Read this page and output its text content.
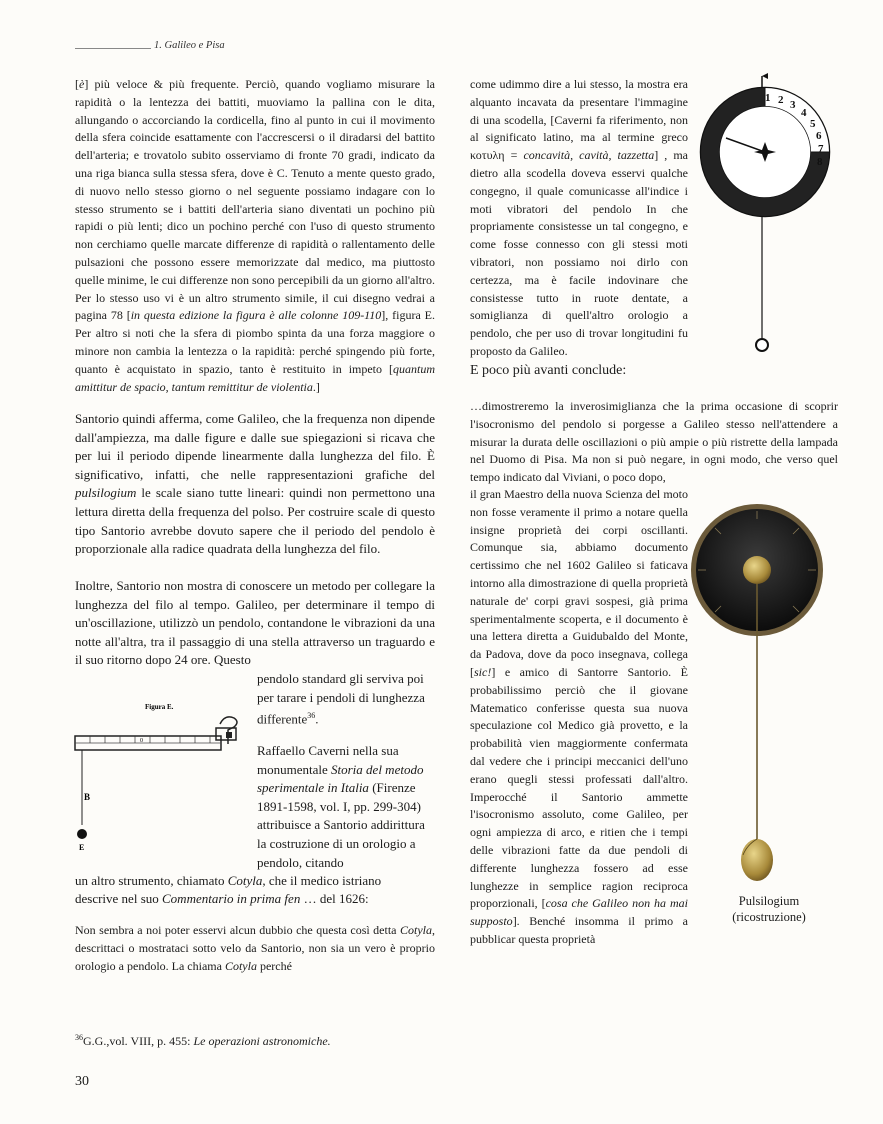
1. Galileo e Pisa

[è] più veloce & più frequente. Perciò, quando vogliamo misurare la rapidità o la lentezza dei battiti, muoviamo la pallina con le dita, allungando o accorciando la cordicella, fino al punto in cui il movimento della sfera coincide esattamente con l'accrescersi o il diradarsi del battito dell'arteria; e trovatolo subito osserviamo di fronte 70 gradi, indicato da una riga bianca sulla stessa sfera, dove è C. Tenuto a mente questo grado, di nuovo nello stesso giorno o nel seguente possiamo indagare con lo stesso strumento se i battiti dell'arteria siano diventati un pochino più rapidi o più lenti; dico un pochino perché con l'uso di questo strumento non cerchiamo quelle marcate differenze di rapidità o rallentamento delle pulsazioni che possono essere memorizzate dal medico, ma piuttosto quelle minime, le cui differenze non sono percepibili da un giorno all'altro. Per lo stesso uso vi è un altro strumento simile, il cui disegno vedrai a pagina 78 [in questa edizione la figura è alle colonne 109-110], figura E. Per altro si noti che la sfera di piombo spinta da una forza maggiore o minore non cambia la lentezza o la rapidità: perché spingendo più forte, quanto è acquistato in spazio, tanto è restituito in impeto [quantum amittitur de spacio, tantum remittitur de violentia.]

Santorio quindi afferma, come Galileo, che la frequenza non dipende dall'ampiezza, ma dalle figure e dalle sue spiegazioni si ricava che per lui il periodo dipende linearmente dalla lunghezza del filo. È significativo, infatti, che nelle rappresentazioni grafiche del pulsilogium le scale siano tutte lineari: quindi non permettono una lettura diretta della frequenza del polso. Per costruire scale di questo tipo Santorio avrebbe dovuto sapere che il periodo del pendolo è proporzionale alla radice quadrata della lunghezza del filo.

Inoltre, Santorio non mostra di conoscere un metodo per collegare la lunghezza del filo al tempo. Galileo, per determinare il tempo di un'oscillazione, utilizzò un pendolo, contandone le vibrazioni da una notte all'altra, tra il passaggio di una stella attraverso un traguardo e il suo ritorno dopo 24 ore. Questo

pendolo standard gli serviva poi per tarare i pendoli di lunghezza differente$^{36}$.

Figura E.
0
B
E

Raffaello Caverni nella sua monumentale Storia del metodo sperimentale in Italia (Firenze 1891-1598, vol. I, pp. 299-304) attribuisce a Santorio addirittura la costruzione di un orologio a pendolo, citando

un altro strumento, chiamato Cotyla, che il medico istriano

descrive nel suo Commentario in prima fen … del 1626:

Non sembra a noi poter esservi alcun dubbio che questa così detta Cotyla, descrittaci o mostrataci sotto velo da Santorio, non sia un vero è proprio orologio a pendolo. La chiama Cotyla perché

come udimmo dire a lui stesso, la mostra era alquanto incavata da presentare l'immagine di una scodella, [Caverni fa riferimento, non al significato latino, ma al termine greco κοτυλη = concavità, cavità, tazzetta] , ma dietro alla scodella doveva esservi qualche congegno, il quale comunicasse all'indice i moti vibratori del pendolo In che propriamente consistesse un tal congegno, e come fosse connesso con gli stessi moti vibratori, non possiamo noi dirlo con certezza, ma è facile indovinare che consistesse tutto in ruote dentate, a somiglianza di quell'altro orologio a pendolo, che per uso di trovar longitudini fu proposto da Galileo.

1 2 3
4
5
6
7
8

E poco più avanti conclude:

…dimostreremo la inverosimiglianza che la prima occasione di scoprir l'isocronismo del pendolo si porgesse a Galileo stesso nell'attendere a misurar la durata delle oscillazioni o più ampie o più ristrette della lampada nel Duomo di Pisa. Ma non si può negare, in ogni modo, che verso quel tempo indicato dal Viviani, o poco dopo,

il gran Maestro della nuova Scienza del moto non fosse veramente il primo a notare quella insigne proprietà dei corpi oscillanti. Comunque sia, abbiamo documento certissimo che nel 1602 Galileo si faticava intorno alla dimostrazione di quella proprietà naturale de' corpi gravi sospesi, già prima sperimentalmente scoperta, e il documento è una lettera diretta a Guidubaldo del Monte, da Padova, dove da poco insegnava, collega [sic!] e amico di Santorre Santorio. È probabilissimo perciò che il giovane Matematico conferisse questa sua nuova speculazione col Medico già provetto, e la probabilità vien maggiormente confermata dal vedere che i principi meccanici dell'uno erano quegli stessi professati dall'altro. Imperocché il Santorio ammette l'isocronismo assoluto, come Galileo, per ogni ampiezza di arco, e ritien che i tempi delle vibrazioni fatte da due pendoli di differente lunghezza fossero ad esse lunghezze in semplice ragion reciproca proporzionali, [cosa che Galileo non ha mai supposto]. Benché insomma il primo a pubblicar questa proprietà

Pulsilogium
(ricostruzione)
$^{36}$G.G.,vol. VIII, p. 455: Le operazioni astronomiche.
30
